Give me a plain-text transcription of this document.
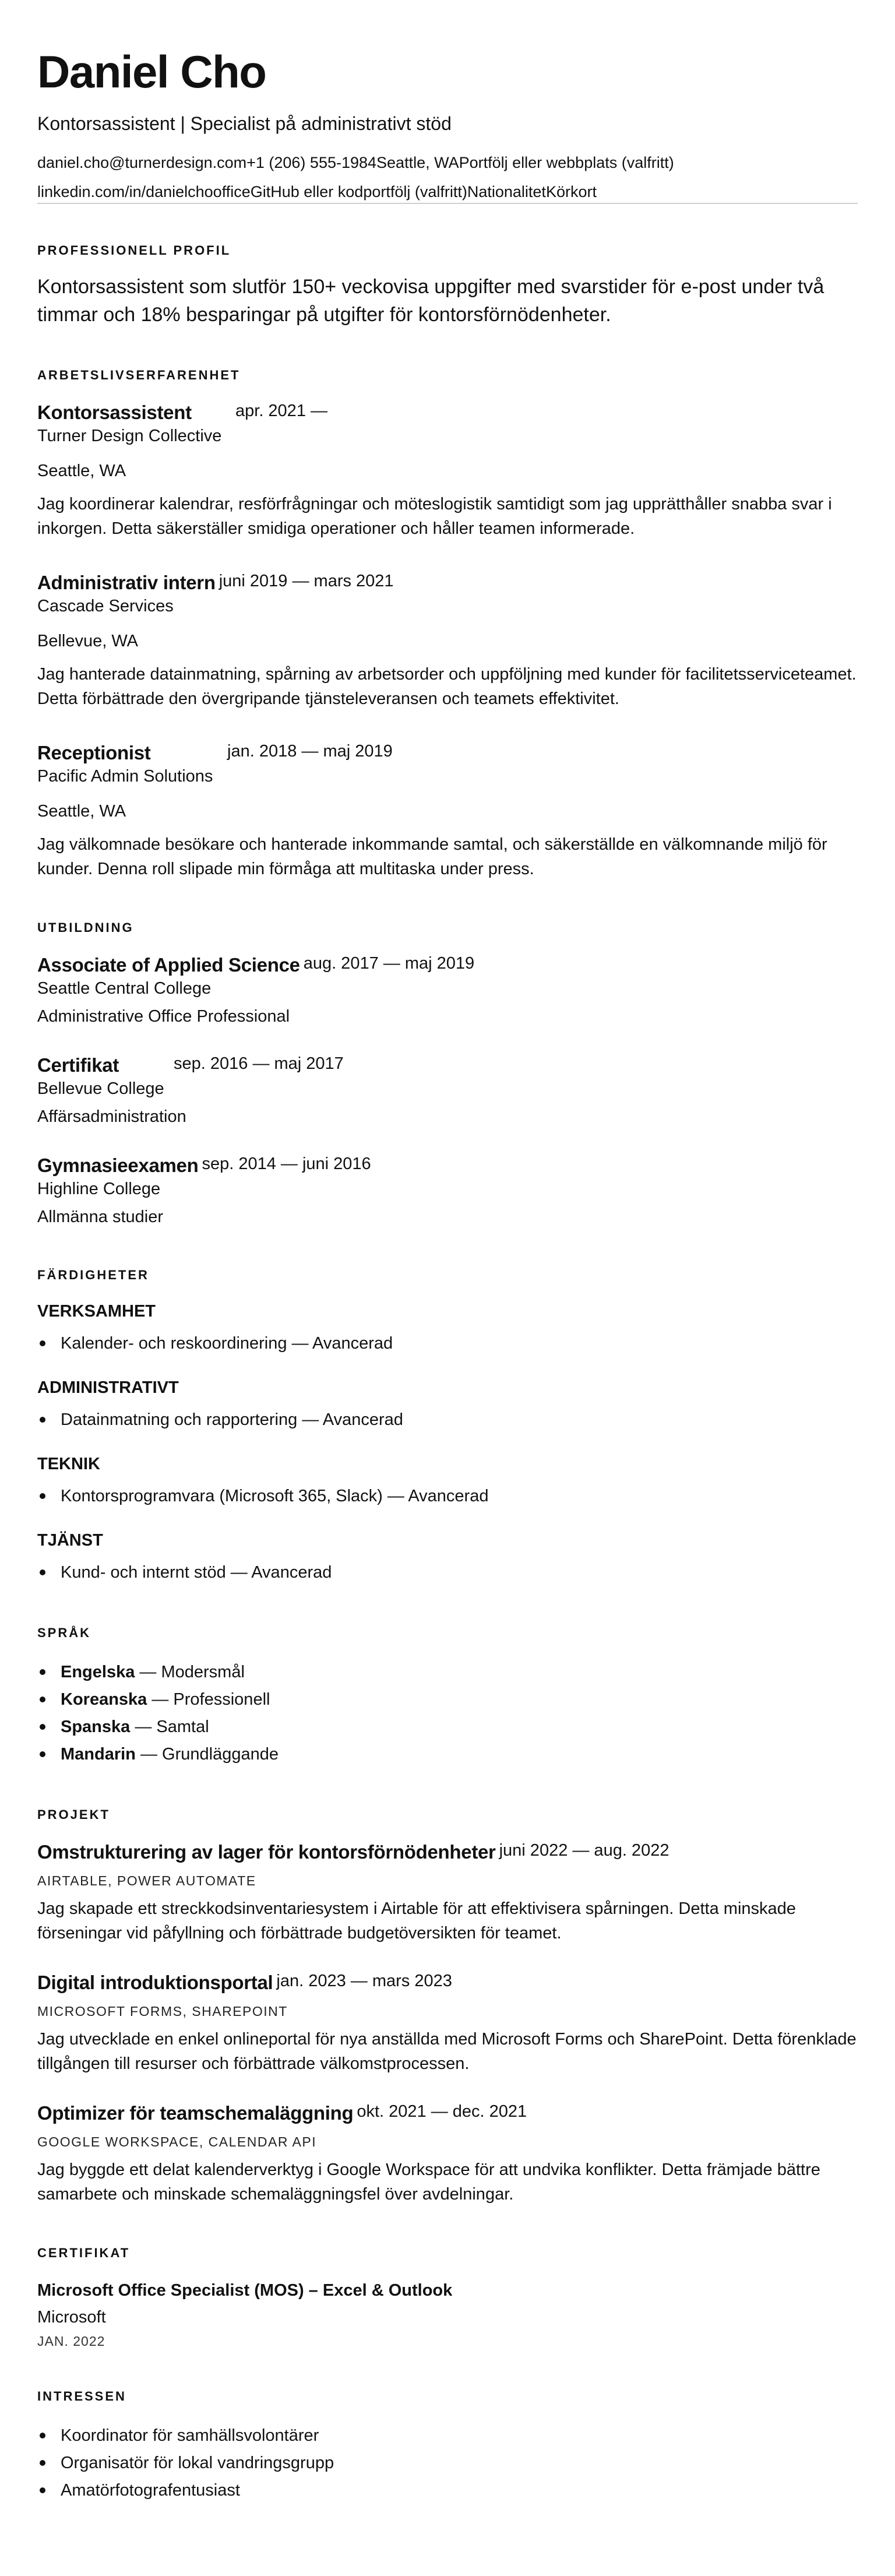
Daniel Cho
Kontorsassistent | Specialist på administrativt stöd
daniel.cho@turnerdesign.com +1 (206) 555-1984 Seattle, WA Portfölj eller webbplats (valfritt)
linkedin.com/in/danielchooffice GitHub eller kodportfölj (valfritt) Nationalitet Körkort
PROFESSIONELL PROFIL

Kontorsassistent som slutför 150+ veckovisa uppgifter med svarstider för e-post under två timmar och 18% besparingar på utgifter för kontorsförnödenheter.

ARBETSLIVSERFARENHET
Kontorsassistent	apr. 2021 —
Turner Design Collective
Seattle, WA

Jag koordinerar kalendrar, resförfrågningar och möteslogistik samtidigt som jag upprätthåller snabba svar i inkorgen. Detta säkerställer smidiga operationer och håller teamen informerade.

Administrativ intern juni 2019 — mars 2021
Cascade Services
Bellevue, WA

Jag hanterade datainmatning, spårning av arbetsorder och uppföljning med kunder för facilitetsserviceteamet. Detta förbättrade den övergripande tjänsteleveransen och teamets effektivitet.

Receptionist	jan. 2018 — maj 2019
Pacific Admin Solutions
Seattle, WA

Jag välkomnade besökare och hanterade inkommande samtal, och säkerställde en välkomnande miljö för kunder. Denna roll slipade min förmåga att multitaska under press.

UTBILDNING
Associate of Applied Science aug. 2017 — maj 2019
Seattle Central College
Administrative Office Professional
Certifikat	sep. 2016 — maj 2017
Bellevue College
Affärsadministration
Gymnasieexamen sep. 2014 — juni 2016
Highline College
Allmänna studier
FÄRDIGHETER
VERKSAMHET
Kalender- och reskoordinering — Avancerad
ADMINISTRATIVT
Datainmatning och rapportering — Avancerad
TEKNIK
Kontorsprogramvara (Microsoft 365, Slack) — Avancerad
TJÄNST
Kund- och internt stöd — Avancerad
SPRÅK
Engelska — Modersmål
Koreanska — Professionell
Spanska — Samtal
Mandarin — Grundläggande
PROJEKT
Omstrukturering av lager för kontorsförnödenheter juni 2022 — aug. 2022
AIRTABLE, POWER AUTOMATE

Jag skapade ett streckkodsinventariesystem i Airtable för att effektivisera spårningen. Detta minskade förseningar vid påfyllning och förbättrade budgetöversikten för teamet.

Digital introduktionsportal jan. 2023 — mars 2023
MICROSOFT FORMS, SHAREPOINT

Jag utvecklade en enkel onlineportal för nya anställda med Microsoft Forms och SharePoint. Detta förenklade tillgången till resurser och förbättrade välkomstprocessen.

Optimizer för teamschemaläggning okt. 2021 — dec. 2021
GOOGLE WORKSPACE, CALENDAR API

Jag byggde ett delat kalenderverktyg i Google Workspace för att undvika konflikter. Detta främjade bättre samarbete och minskade schemaläggningsfel över avdelningar.

CERTIFIKAT
Microsoft Office Specialist (MOS) – Excel & Outlook
Microsoft
JAN. 2022
INTRESSEN
Koordinator för samhällsvolontärer
Organisatör för lokal vandringsgrupp
Amatörfotografentusiast
